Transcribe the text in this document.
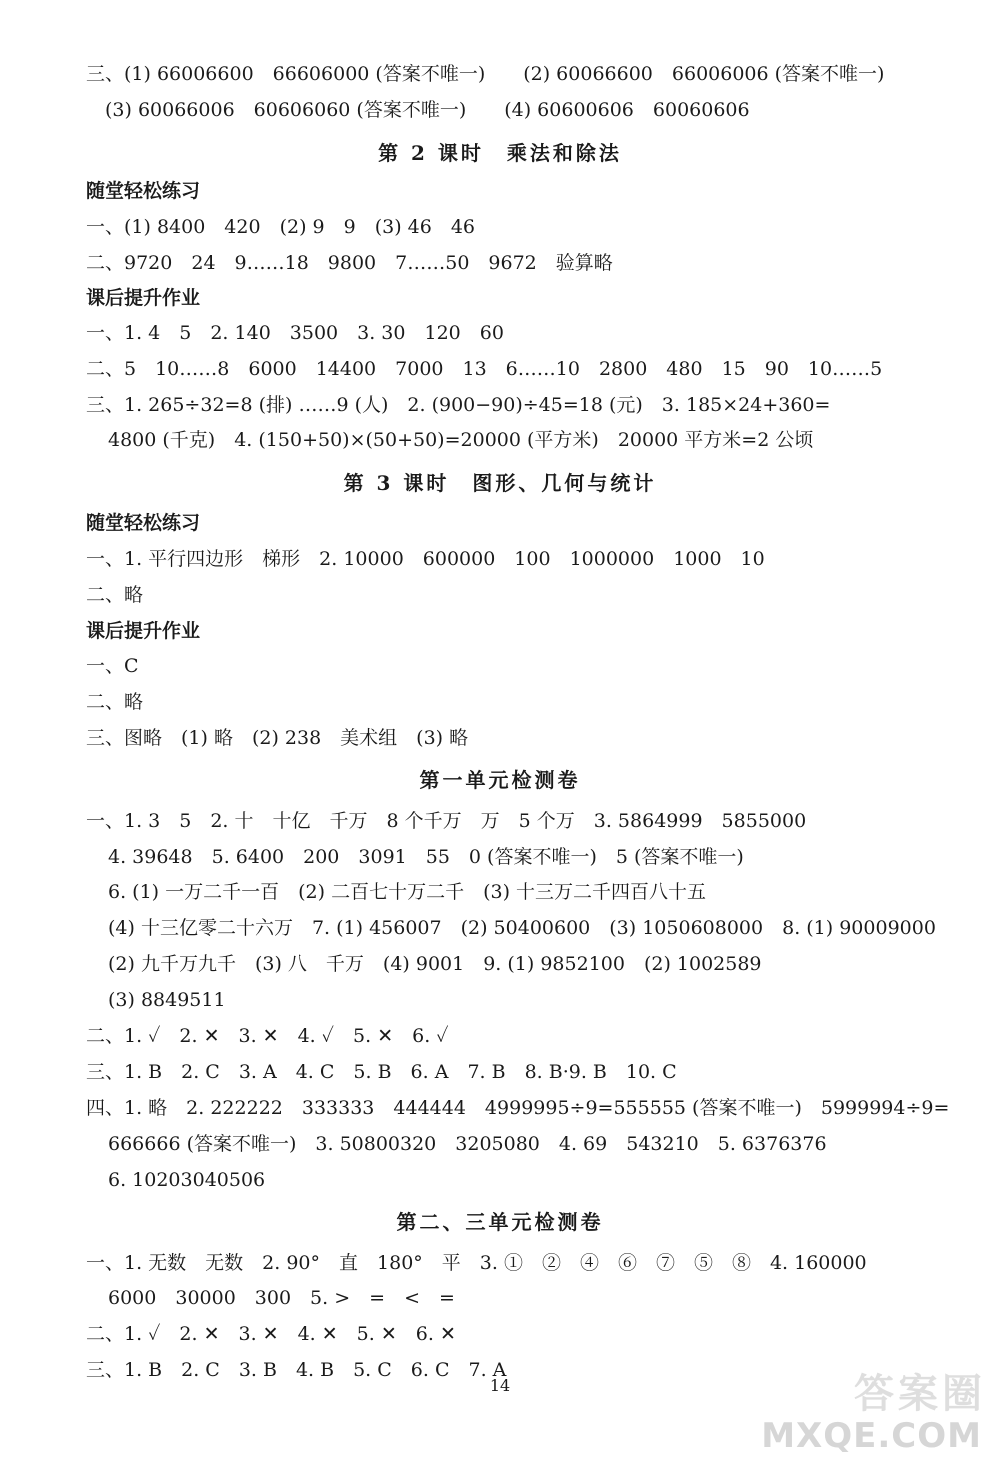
三、(1) 66006600　66606000 (答案不唯一)　　(2) 60066600　66006006 (答案不唯一)
　(3) 60066006　60606060 (答案不唯一)　　(4) 60600606　60060606
第 2 课时　乘法和除法
随堂轻松练习
一、(1) 8400　420　(2) 9　9　(3) 46　46
二、9720　24　9……18　9800　7……50　9672　验算略
课后提升作业
一、1. 4　5　2. 140　3500　3. 30　120　60
二、5　10……8　6000　14400　7000　13　6……10　2800　480　15　90　10……5
三、1. 265÷32=8 (排) ……9 (人)　2. (900−90)÷45=18 (元)　3. 185×24+360=
4800 (千克)　4. (150+50)×(50+50)=20000 (平方米)　20000 平方米=2 公顷
第 3 课时　图形、几何与统计
随堂轻松练习
一、1. 平行四边形　梯形　2. 10000　600000　100　1000000　1000　10
二、略
课后提升作业
一、C
二、略
三、图略　(1) 略　(2) 238　美术组　(3) 略
第一单元检测卷
一、1. 3　5　2. 十　十亿　千万　8 个千万　万　5 个万　3. 5864999　5855000
4. 39648　5. 6400　200　3091　55　0 (答案不唯一)　5 (答案不唯一)
6. (1) 一万二千一百　(2) 二百七十万二千　(3) 十三万二千四百八十五
(4) 十三亿零二十六万　7. (1) 456007　(2) 50400600　(3) 1050608000　8. (1) 90009000
(2) 九千万九千　(3) 八　千万　(4) 9001　9. (1) 9852100　(2) 1002589
(3) 8849511
二、1. ✓　2. ✕　3. ✕　4. ✓　5. ✕　6. ✓
三、1. B　2. C　3. A　4. C　5. B　6. A　7. B　8. B·9. B　10. C
四、1. 略　2. 222222　333333　444444　4999995÷9=555555 (答案不唯一)　5999994÷9=
666666 (答案不唯一)　3. 50800320　3205080　4. 69　543210　5. 6376376
6. 10203040506
第二、三单元检测卷
一、1. 无数　无数　2. 90°　直　180°　平　3. ①　②　④　⑥　⑦　⑤　⑧　4. 160000
6000　30000　300　5. >　=　<　=
二、1. ✓　2. ✕　3. ✕　4. ✕　5. ✕　6. ✕
三、1. B　2. C　3. B　4. B　5. C　6. C　7. A
14	答案圈
MXQE.COM
